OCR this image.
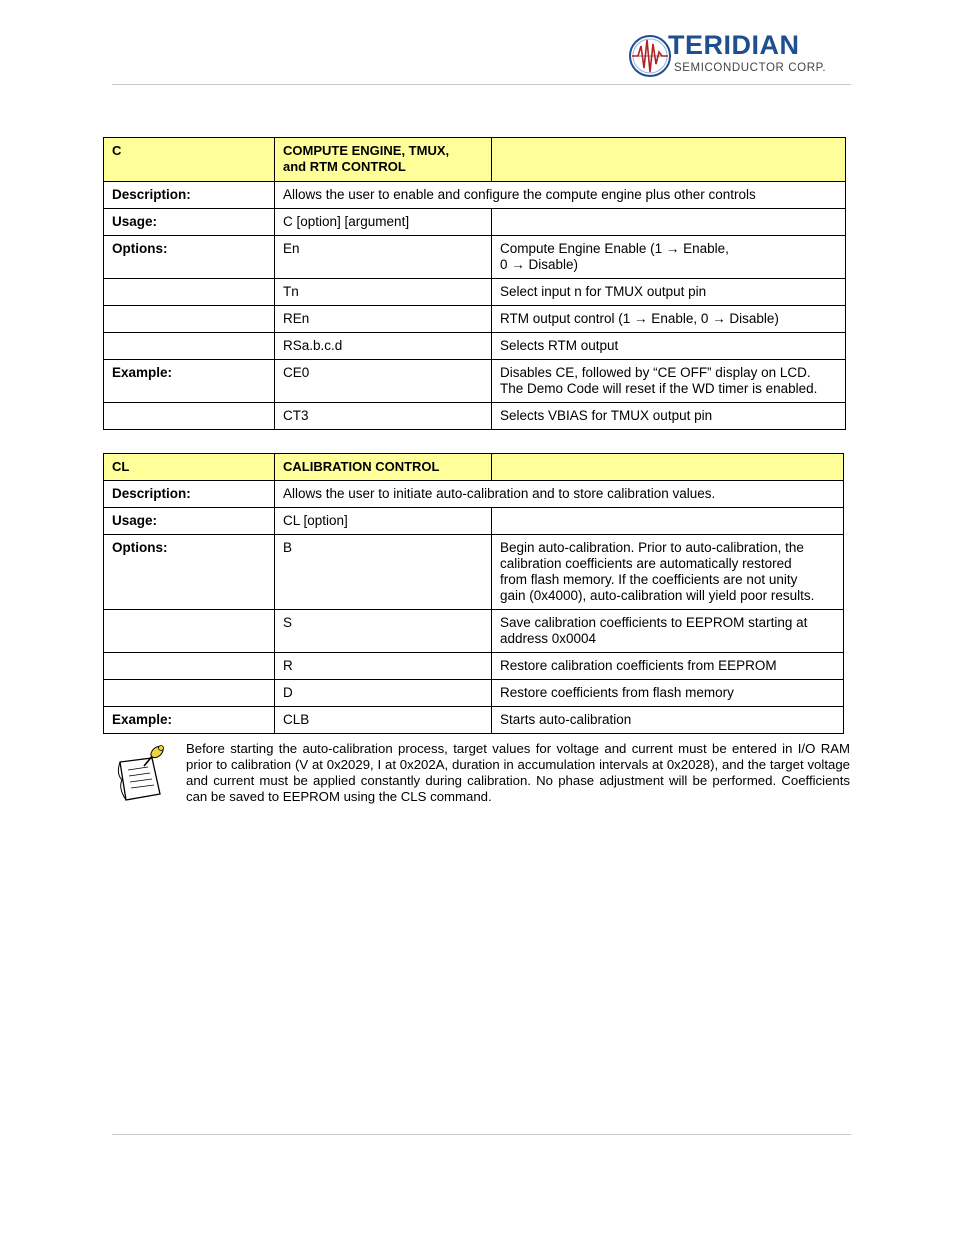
TERIDIAN
SEMICONDUCTOR CORP.
C	COMPUTE ENGINE, TMUX,
and RTM CONTROL	
Description:	Allows the user to enable and configure the compute engine plus other controls	
Usage:	C [option] [argument]	
Options:	En	Compute Engine Enable (1 → Enable,
0 → Disable)
	Tn	Select input n for TMUX output pin
	REn	RTM output control (1 → Enable, 0 → Disable)
	RSa.b.c.d	Selects RTM output
Example:	CE0	Disables CE, followed by “CE OFF” display on LCD.
The Demo Code will reset if the WD timer is enabled.
	CT3	Selects VBIAS for TMUX output pin
CL	CALIBRATION CONTROL	
Description:	Allows the user to initiate auto-calibration and to store calibration values.	
Usage:	CL [option]	
Options:	B	Begin auto-calibration. Prior to auto-calibration, the
calibration coefficients are automatically restored
from flash memory. If the coefficients are not unity
gain (0x4000), auto-calibration will yield poor results.
	S	Save calibration coefficients to EEPROM starting at
address 0x0004
	R	Restore calibration coefficients from EEPROM
	D	Restore coefficients from flash memory
Example:	CLB	Starts auto-calibration
Before starting the auto-calibration process, target values for voltage and current must be entered in I/O RAM prior to calibration (V at 0x2029, I at 0x202A, duration in accumulation intervals at 0x2028), and the target voltage and current must be applied constantly during calibration. No phase adjustment will be performed. Coefficients can be saved to EEPROM using the CLS command.
